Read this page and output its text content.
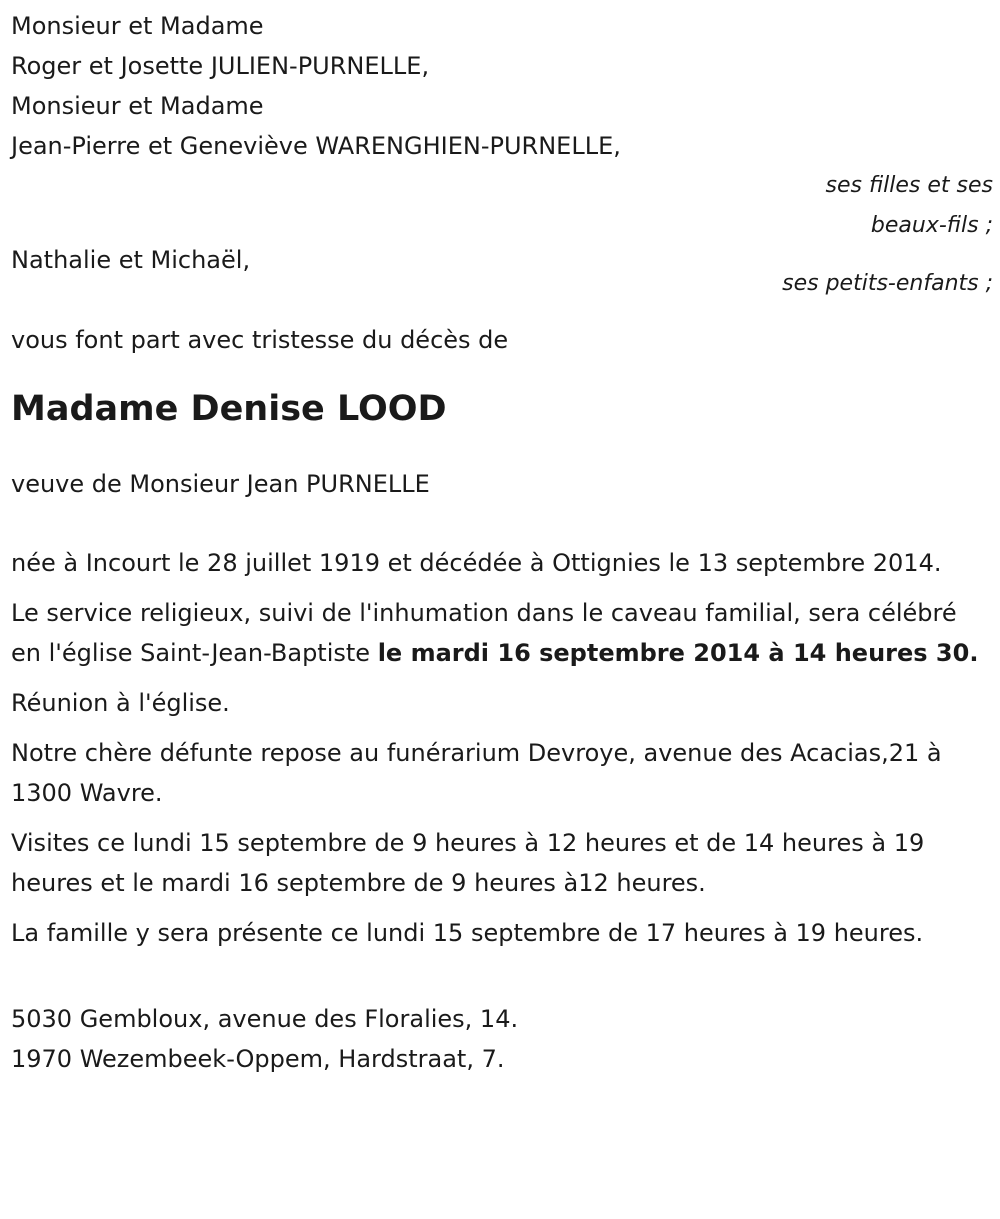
Monsieur et Madame
Roger et Josette JULIEN-PURNELLE,
Monsieur et Madame
Jean-Pierre et Geneviève WARENGHIEN-PURNELLE,
ses filles et ses
beaux-fils ;
Nathalie et Michaël,
ses petits-enfants ;
vous font part avec tristesse du décès de
Madame Denise LOOD
veuve de Monsieur Jean PURNELLE
née à Incourt le 28 juillet 1919 et décédée à Ottignies le 13 septembre 2014.
Le service religieux, suivi de l'inhumation dans le caveau familial, sera célébré en l'église Saint-Jean-Baptiste le mardi 16 septembre 2014 à 14 heures 30.
Réunion à l'église.
Notre chère défunte repose au funérarium Devroye, avenue des Acacias,21 à 1300 Wavre.
Visites ce lundi 15 septembre de 9 heures à 12 heures et de 14 heures à 19 heures et le mardi 16 septembre de 9 heures à12 heures.
La famille y sera présente ce lundi 15 septembre de 17 heures à 19 heures.
5030 Gembloux, avenue des Floralies, 14.
1970 Wezembeek-Oppem, Hardstraat, 7.
